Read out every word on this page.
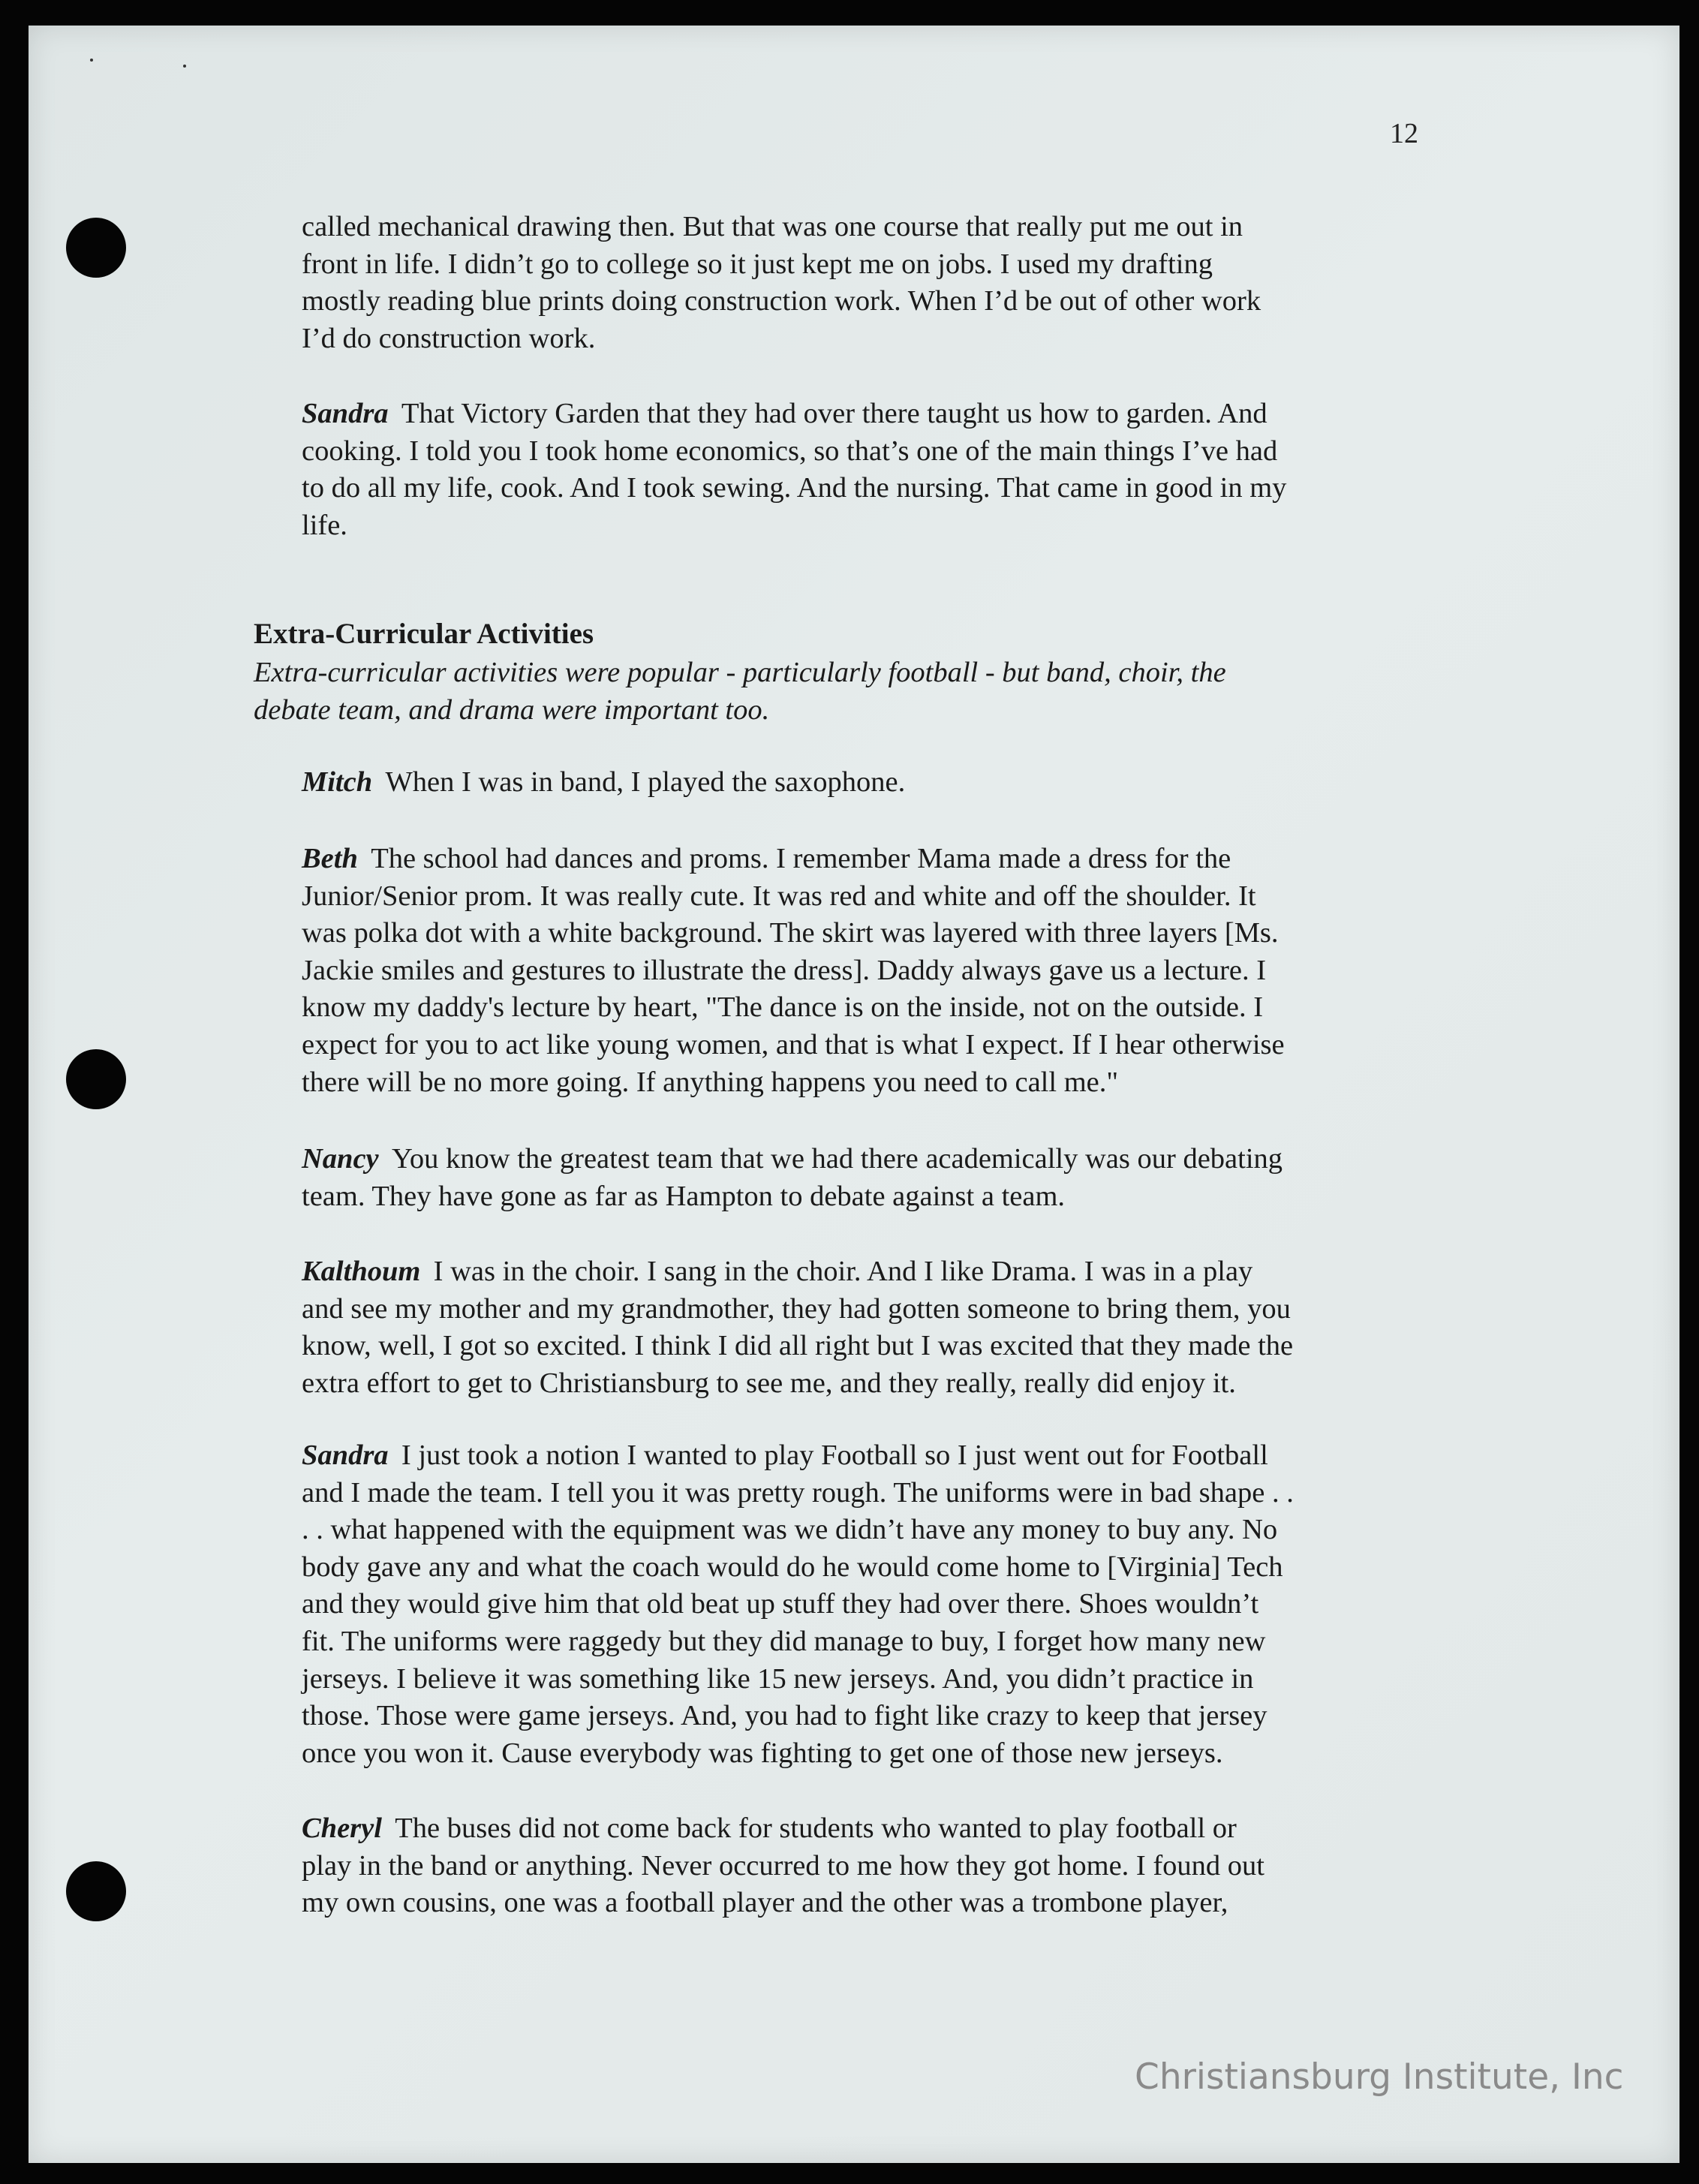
12

called mechanical drawing then. But that was one course that really put me out in
front in life. I didn’t go to college so it just kept me on jobs. I used my drafting
mostly reading blue prints doing construction work. When I’d be out of other work
I’d do construction work.

Sandra That Victory Garden that they had over there taught us how to garden. And
cooking. I told you I took home economics, so that’s one of the main things I’ve had
to do all my life, cook. And I took sewing. And the nursing. That came in good in my
life.

Extra-Curricular Activities
Extra-curricular activities were popular - particularly football - but band, choir, the
debate team, and drama were important too.

Mitch When I was in band, I played the saxophone.

Beth The school had dances and proms. I remember Mama made a dress for the
Junior/Senior prom. It was really cute. It was red and white and off the shoulder. It
was polka dot with a white background. The skirt was layered with three layers [Ms.
Jackie smiles and gestures to illustrate the dress]. Daddy always gave us a lecture. I
know my daddy's lecture by heart, "The dance is on the inside, not on the outside. I
expect for you to act like young women, and that is what I expect. If I hear otherwise
there will be no more going. If anything happens you need to call me."

Nancy You know the greatest team that we had there academically was our debating
team. They have gone as far as Hampton to debate against a team.

Kalthoum I was in the choir. I sang in the choir. And I like Drama. I was in a play
and see my mother and my grandmother, they had gotten someone to bring them, you
know, well, I got so excited. I think I did all right but I was excited that they made the
extra effort to get to Christiansburg to see me, and they really, really did enjoy it.

Sandra I just took a notion I wanted to play Football so I just went out for Football
and I made the team. I tell you it was pretty rough. The uniforms were in bad shape . .
. . what happened with the equipment was we didn’t have any money to buy any. No
body gave any and what the coach would do he would come home to [Virginia] Tech
and they would give him that old beat up stuff they had over there. Shoes wouldn’t
fit. The uniforms were raggedy but they did manage to buy, I forget how many new
jerseys. I believe it was something like 15 new jerseys. And, you didn’t practice in
those. Those were game jerseys. And, you had to fight like crazy to keep that jersey
once you won it. Cause everybody was fighting to get one of those new jerseys.

Cheryl The buses did not come back for students who wanted to play football or
play in the band or anything. Never occurred to me how they got home. I found out
my own cousins, one was a football player and the other was a trombone player,

Christiansburg Institute, Inc
